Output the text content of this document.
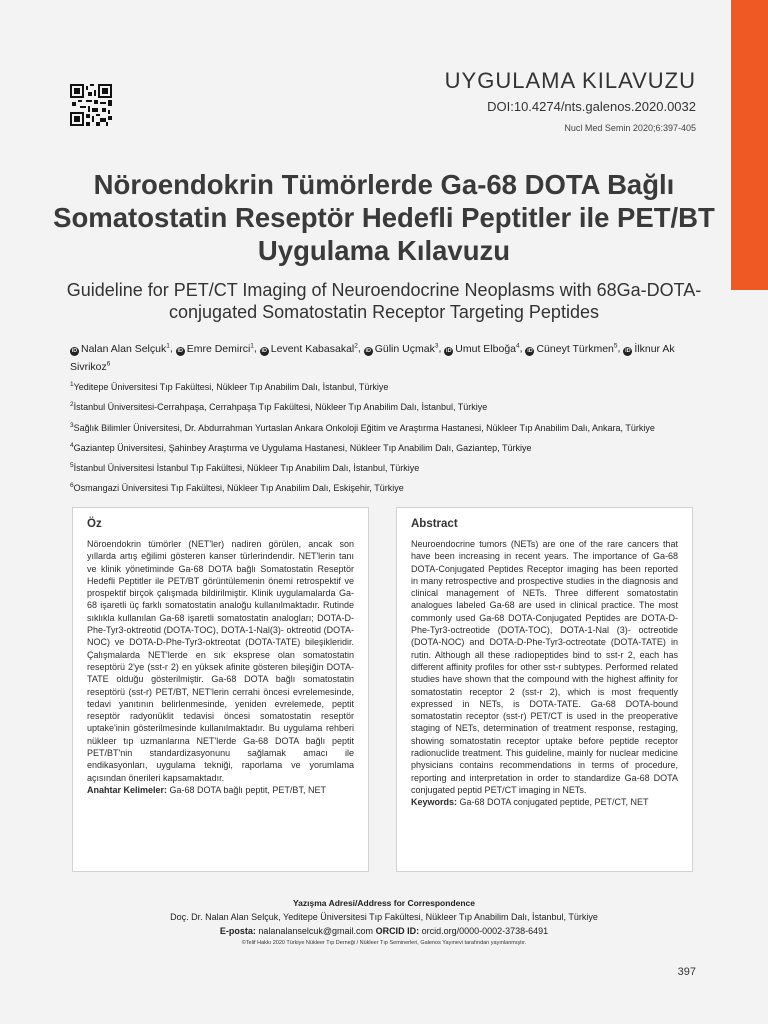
UYGULAMA KILAVUZU
DOI:10.4274/nts.galenos.2020.0032
Nucl Med Semin 2020;6:397-405
Nöroendokrin Tümörlerde Ga-68 DOTA Bağlı Somatostatin Reseptör Hedefli Peptitler ile PET/BT Uygulama Kılavuzu
Guideline for PET/CT Imaging of Neuroendocrine Neoplasms with 68Ga-DOTA-conjugated Somatostatin Receptor Targeting Peptides
iD Nalan Alan Selçuk$^1$, iD Emre Demirci$^1$, iD Levent Kabasakal$^2$, iD Gülin Uçmak$^3$, iD Umut Elboğa$^4$, iD Cüneyt Türkmen$^5$, iD İlknur Ak Sivrikoz$^6$
$^1$Yeditepe Üniversitesi Tıp Fakültesi, Nükleer Tıp Anabilim Dalı, İstanbul, Türkiye
$^2$İstanbul Üniversitesi-Cerrahpaşa, Cerrahpaşa Tıp Fakültesi, Nükleer Tıp Anabilim Dalı, İstanbul, Türkiye
$^3$Sağlık Bilimler Üniversitesi, Dr. Abdurrahman Yurtaslan Ankara Onkoloji Eğitim ve Araştırma Hastanesi, Nükleer Tıp Anabilim Dalı, Ankara, Türkiye
$^4$Gaziantep Üniversitesi, Şahinbey Araştırma ve Uygulama Hastanesi, Nükleer Tıp Anabilim Dalı, Gaziantep, Türkiye
$^5$İstanbul Üniversitesi İstanbul Tıp Fakültesi, Nükleer Tıp Anabilim Dalı, İstanbul, Türkiye
$^6$Osmangazi Üniversitesi Tıp Fakültesi, Nükleer Tıp Anabilim Dalı, Eskişehir, Türkiye
Öz
Nöroendokrin tümörler (NET'ler) nadiren görülen, ancak son yıllarda artış eğilimi gösteren kanser türlerindendir. NET'lerin tanı ve klinik yönetiminde Ga-68 DOTA bağlı Somatostatin Reseptör Hedefli Peptitler ile PET/BT görüntülemenin önemi retrospektif ve prospektif birçok çalışmada bildirilmiştir. Klinik uygulamalarda Ga-68 işaretli üç farklı somatostatin analoğu kullanılmaktadır. Rutinde sıklıkla kullanılan Ga-68 işaretli somatostatin analogları; DOTA-D-Phe-Tyr3-oktreotid (DOTA-TOC), DOTA-1-Nal(3)- oktreotid (DOTA-NOC) ve DOTA-D-Phe-Tyr3-oktreotat (DOTA-TATE) bileşikleridir. Çalışmalarda NET'lerde en sık eksprese olan somatostatin reseptörü 2'ye (sst-r 2) en yüksek afinite gösteren bileşiğin DOTA-TATE olduğu gösterilmiştir. Ga-68 DOTA bağlı somatostatin reseptörü (sst-r) PET/BT, NET'lerin cerrahi öncesi evrelemesinde, tedavi yanıtının belirlenmesinde, yeniden evrelemede, peptit reseptör radyonüklit tedavisi öncesi somatostatin reseptör uptake'inin gösterilmesinde kullanılmaktadır. Bu uygulama rehberi nükleer tıp uzmanlarına NET'lerde Ga-68 DOTA bağlı peptit PET/BT'nin standardizasyonunu sağlamak amacı ile endikasyonları, uygulama tekniği, raporlama ve yorumlama açısından önerileri kapsamaktadır.
Anahtar Kelimeler: Ga-68 DOTA bağlı peptit, PET/BT, NET
Abstract
Neuroendocrine tumors (NETs) are one of the rare cancers that have been increasing in recent years. The importance of Ga-68 DOTA-Conjugated Peptides Receptor imaging has been reported in many retrospective and prospective studies in the diagnosis and clinical management of NETs. Three different somatostatin analogues labeled Ga-68 are used in clinical practice. The most commonly used Ga-68 DOTA-Conjugated Peptides are DOTA-D-Phe-Tyr3-octreotide (DOTA-TOC), DOTA-1-Nal (3)- octreotide (DOTA-NOC) and DOTA-D-Phe-Tyr3-octreotate (DOTA-TATE) in rutin. Although all these radiopeptides bind to sst-r 2, each has different affinity profiles for other sst-r subtypes. Performed related studies have shown that the compound with the highest affinity for somatostatin receptor 2 (sst-r 2), which is most frequently expressed in NETs, is DOTA-TATE. Ga-68 DOTA-bound somatostatin receptor (sst-r) PET/CT is used in the preoperative staging of NETs, determination of treatment response, restaging, showing somatostatin receptor uptake before peptide receptor radionuclide treatment. This guideline, mainly for nuclear medicine physicians contains recommendations in terms of procedure, reporting and interpretation in order to standardize Ga-68 DOTA conjugated peptid PET/CT imaging in NETs.
Keywords: Ga-68 DOTA conjugated peptide, PET/CT, NET
Yazışma Adresi/Address for Correspondence
Doç. Dr. Nalan Alan Selçuk, Yeditepe Üniversitesi Tıp Fakültesi, Nükleer Tıp Anabilim Dalı, İstanbul, Türkiye
E-posta: nalanalanselcuk@gmail.com ORCID ID: orcid.org/0000-0002-3738-6491
©Telif Hakkı 2020 Türkiye Nükleer Tıp Derneği / Nükleer Tıp Seminerleri, Galenos Yayınevi tarafından yayınlanmıştır.
397
